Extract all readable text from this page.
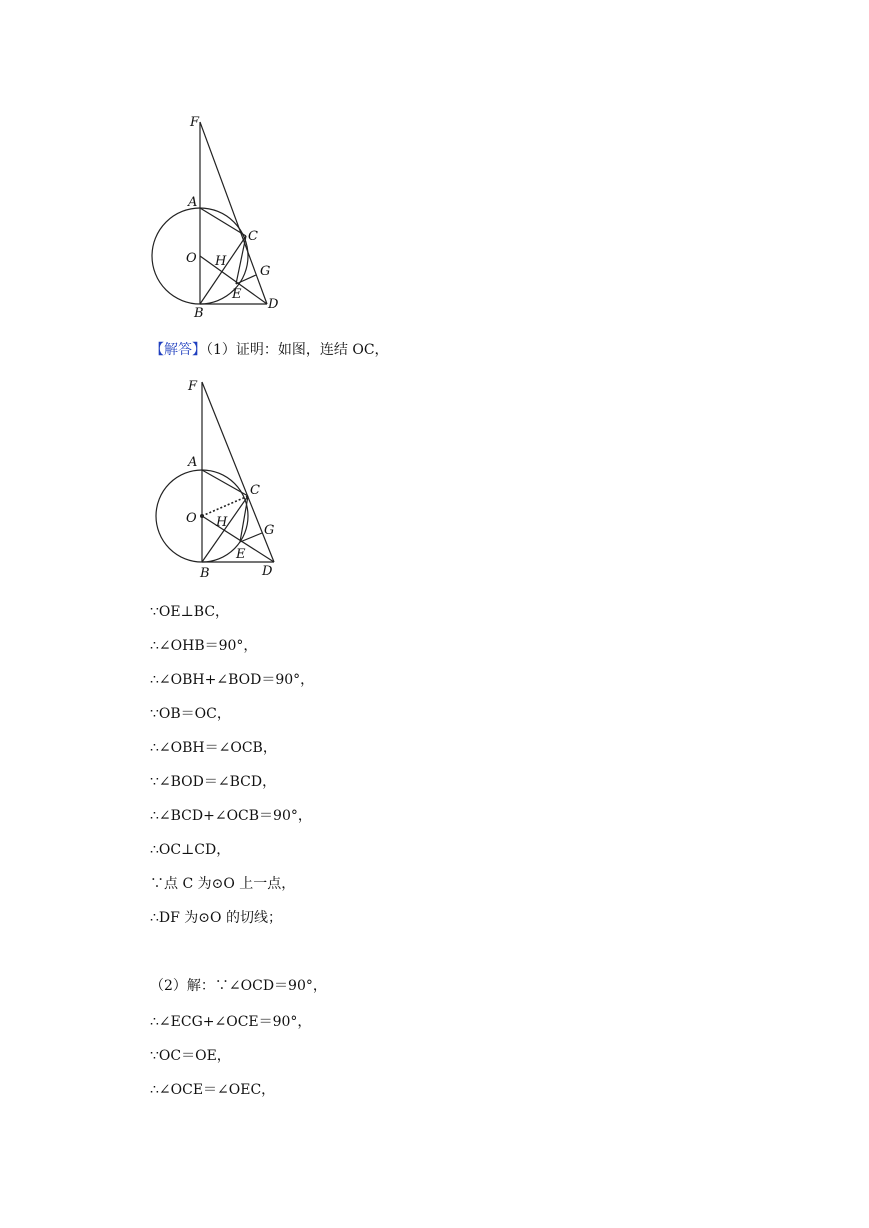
F
A
C
O H
G
E
B
D
【解答】（1）证明：如图，连结 OC，
F
A
C
O H
G
E
B	D
∵OE⊥BC，
∴∠OHB＝90°，
∴∠OBH+∠BOD＝90°，
∵OB＝OC，
∴∠OBH＝∠OCB，
∵∠BOD＝∠BCD，
∴∠BCD+∠OCB＝90°，
∴OC⊥CD，
∵点 C 为⊙O 上一点，
∴DF 为⊙O 的切线；
（2）解：∵∠OCD＝90°，
∴∠ECG+∠OCE＝90°，
∵OC＝OE，
∴∠OCE＝∠OEC，
